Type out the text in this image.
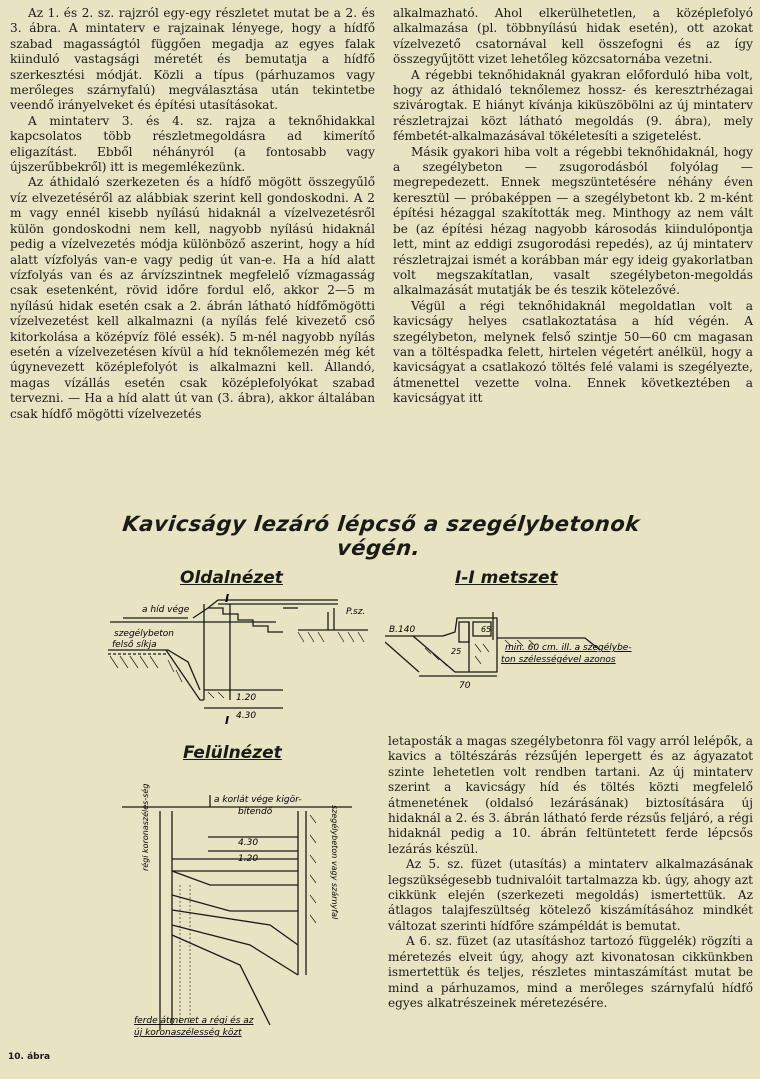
Az 1. és 2. sz. rajzról egy-egy részletet mutat be a 2. és 3. ábra. A mintaterv e rajzainak lényege, hogy a hídfő szabad magasságtól függően megadja az egyes falak kiinduló vastagsági méretét és bemutatja a hídfő szerkesztési módját. Közli a típus (párhuzamos vagy merőleges szárnyfalú) megválasztása után tekintetbe veendő irányelveket és építési utasításokat.

A mintaterv 3. és 4. sz. rajza a teknőhidakkal kapcsolatos több részletmegoldásra ad kimerítő eligazítást. Ebből néhányról (a fontosabb vagy újszerűbbekről) itt is megemlékezünk.

Az áthidaló szerkezeten és a hídfő mögött összegyűlő víz elvezetéséről az alábbiak szerint kell gondoskodni. A 2 m vagy ennél kisebb nyílású hidaknál a vízelvezetésről külön gondoskodni nem kell, nagyobb nyílású hidaknál pedig a vízelvezetés módja különböző aszerint, hogy a híd alatt vízfolyás van-e vagy pedig út van-e. Ha a híd alatt vízfolyás van és az árvízszintnek megfelelő vízmagasság csak esetenként, rövid időre fordul elő, akkor 2—5 m nyílású hidak esetén csak a 2. ábrán látható hídfőmögötti vízelvezetést kell alkalmazni (a nyílás felé kivezető cső kitorkolása a középvíz fölé essék). 5 m-nél nagyobb nyílás esetén a vízelvezetésen kívül a híd teknőlemezén még két úgynevezett középlefolyót is alkalmazni kell. Állandó, magas vízállás esetén csak középlefolyókat szabad tervezni. — Ha a híd alatt út van (3. ábra), akkor általában csak hídfő mögötti vízelvezetés

alkalmazható. Ahol elkerülhetetlen, a középlefolyó alkalmazása (pl. többnyílású hidak esetén), ott azokat vízelvezető csatornával kell összefogni és az így összegyűjtött vizet lehetőleg közcsatornába vezetni.

A régebbi teknőhidaknál gyakran előforduló hiba volt, hogy az áthidaló teknőlemez hossz- és keresztrhézagai szivárogtak. E hiányt kívánja kiküszöbölni az új mintaterv részletrajzai közt látható megoldás (9. ábra), mely fémbetét-alkalmazásával tökéletesíti a szigetelést.

Másik gyakori hiba volt a régebbi teknőhidaknál, hogy a szegélybeton — zsugorodásból folyólag — megrepedezett. Ennek megszüntetésére néhány éven keresztül — próbaképpen — a szegélybetont kb. 2 m-ként építési hézaggal szakították meg. Minthogy az nem vált be (az építési hézag nagyobb károsodás kiindulópontja lett, mint az eddigi zsugorodási repedés), az új mintaterv részletrajzai ismét a korábban már egy ideig gyakorlatban volt megszakítatlan, vasalt szegélybeton-megoldás alkalmazását mutatják be és teszik kötelezővé.

Végül a régi teknőhidaknál megoldatlan volt a kavicságy helyes csatlakoztatása a híd végén. A szegélybeton, melynek felső szintje 50—60 cm magasan van a töltéspadka felett, hirtelen végetért anélkül, hogy a kavicságyat a csatlakozó töltés felé valami is szegélyezte, átmenettel vezette volna. Ennek következtében a kavicságyat itt

Kavicságy lezáró lépcső a szegélybetonok
végén.
Oldalnézet	I-I metszet
Felülnézet
a híd vége
szegélybeton
felső síkja
I
I
P.sz.
1.20
4.30
B.140
25
65
70
min. 60 cm. ill. a szegélybe-
ton szélességével azonos
régi koronaszéles-ség	a korlát vége kigör-
bítendő
4.30
1.20	szegélybeton vagy szárnyfal
ferde átmenet a régi és az
új koronaszélesség közt
10. ábra

letaposták a magas szegélybetonra föl vagy arról lelépők, a kavics a töltészárás rézsűjén lepergett és az ágyazatot szinte lehetetlen volt rendben tartani. Az új mintaterv szerint a kavicságy híd és töltés közti megfelelő átmenetének (oldalsó lezárásának) biztosítására új hidaknál a 2. és 3. ábrán látható ferde rézsűs feljáró, a régi hidaknál pedig a 10. ábrán feltüntetett ferde lépcsős lezárás készül.

Az 5. sz. füzet (utasítás) a mintaterv alkalmazásának legszükségesebb tudnivalóit tartalmazza kb. úgy, ahogy azt cikkünk elején (szerkezeti megoldás) ismertettük. Az átlagos talajfeszültség kötelező kiszámításához mindkét változat szerinti hídfőre számpéldát is bemutat.

A 6. sz. füzet (az utasításhoz tartozó függelék) rögzíti a méretezés elveit úgy, ahogy azt kivonatosan cikkünkben ismertettük és teljes, részletes mintaszámítást mutat be mind a párhuzamos, mind a merőleges szárnyfalú hídfő egyes alkatrészeinek méretezésére.
